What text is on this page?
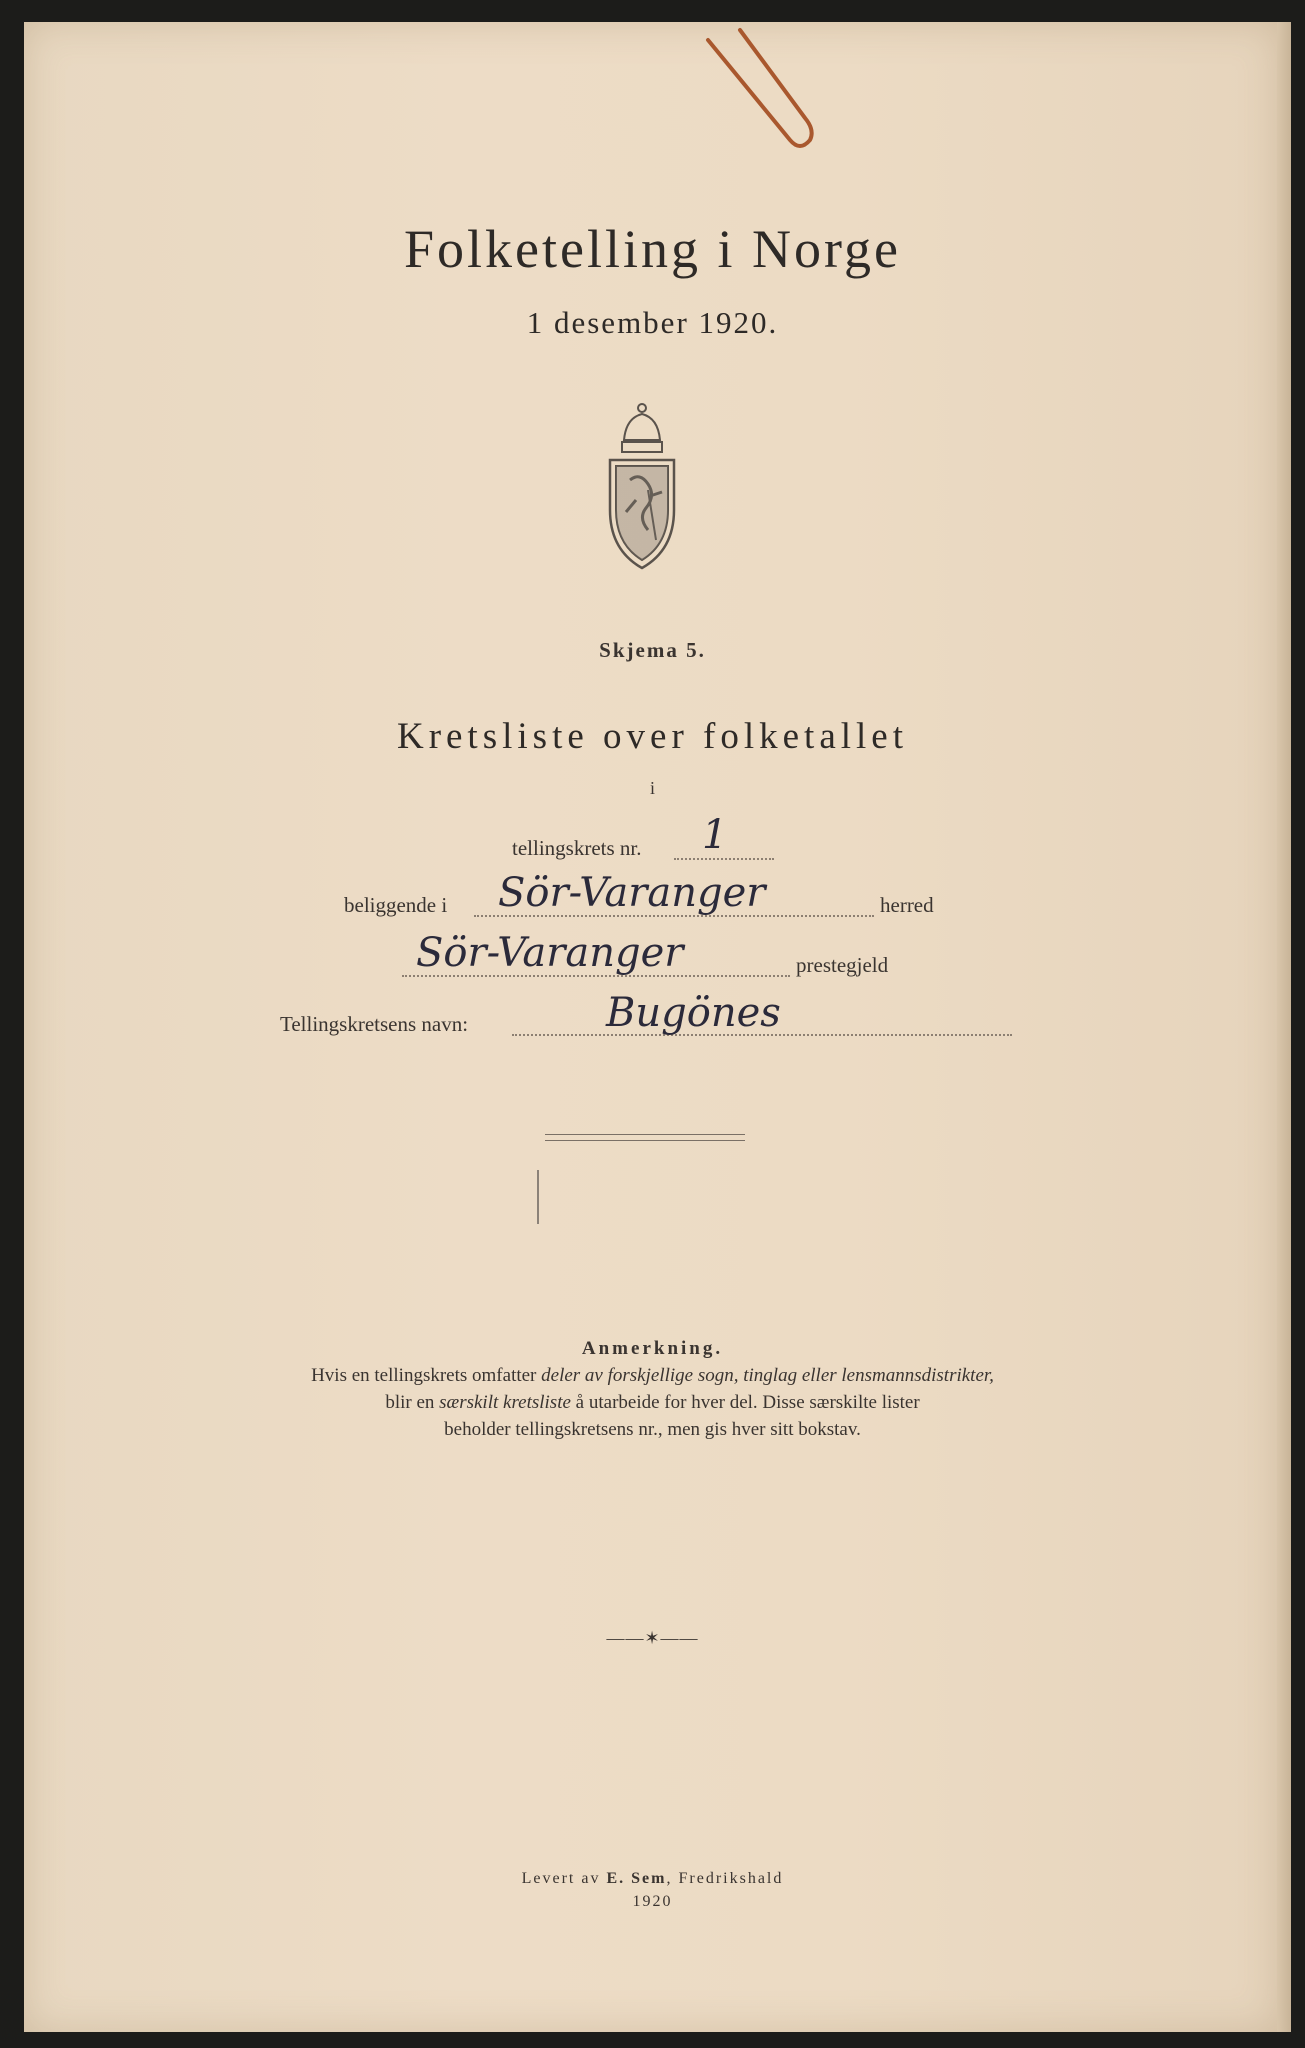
Folketelling i Norge
1 desember 1920.
Skjema 5.
Kretsliste over folketallet
i
tellingskrets nr. 1
beliggende i Sör-Varanger	herred
Sör-Varanger	prestegjeld
Tellingskretsens navn:	Bugönes
Anmerkning.
Hvis en tellingskrets omfatter deler av forskjellige sogn, tinglag eller lensmannsdistrikter,
blir en særskilt kretsliste å utarbeide for hver del. Disse særskilte lister
beholder tellingskretsens nr., men gis hver sitt bokstav.
——✶——
Levert av E. Sem, Fredrikshald
1920
